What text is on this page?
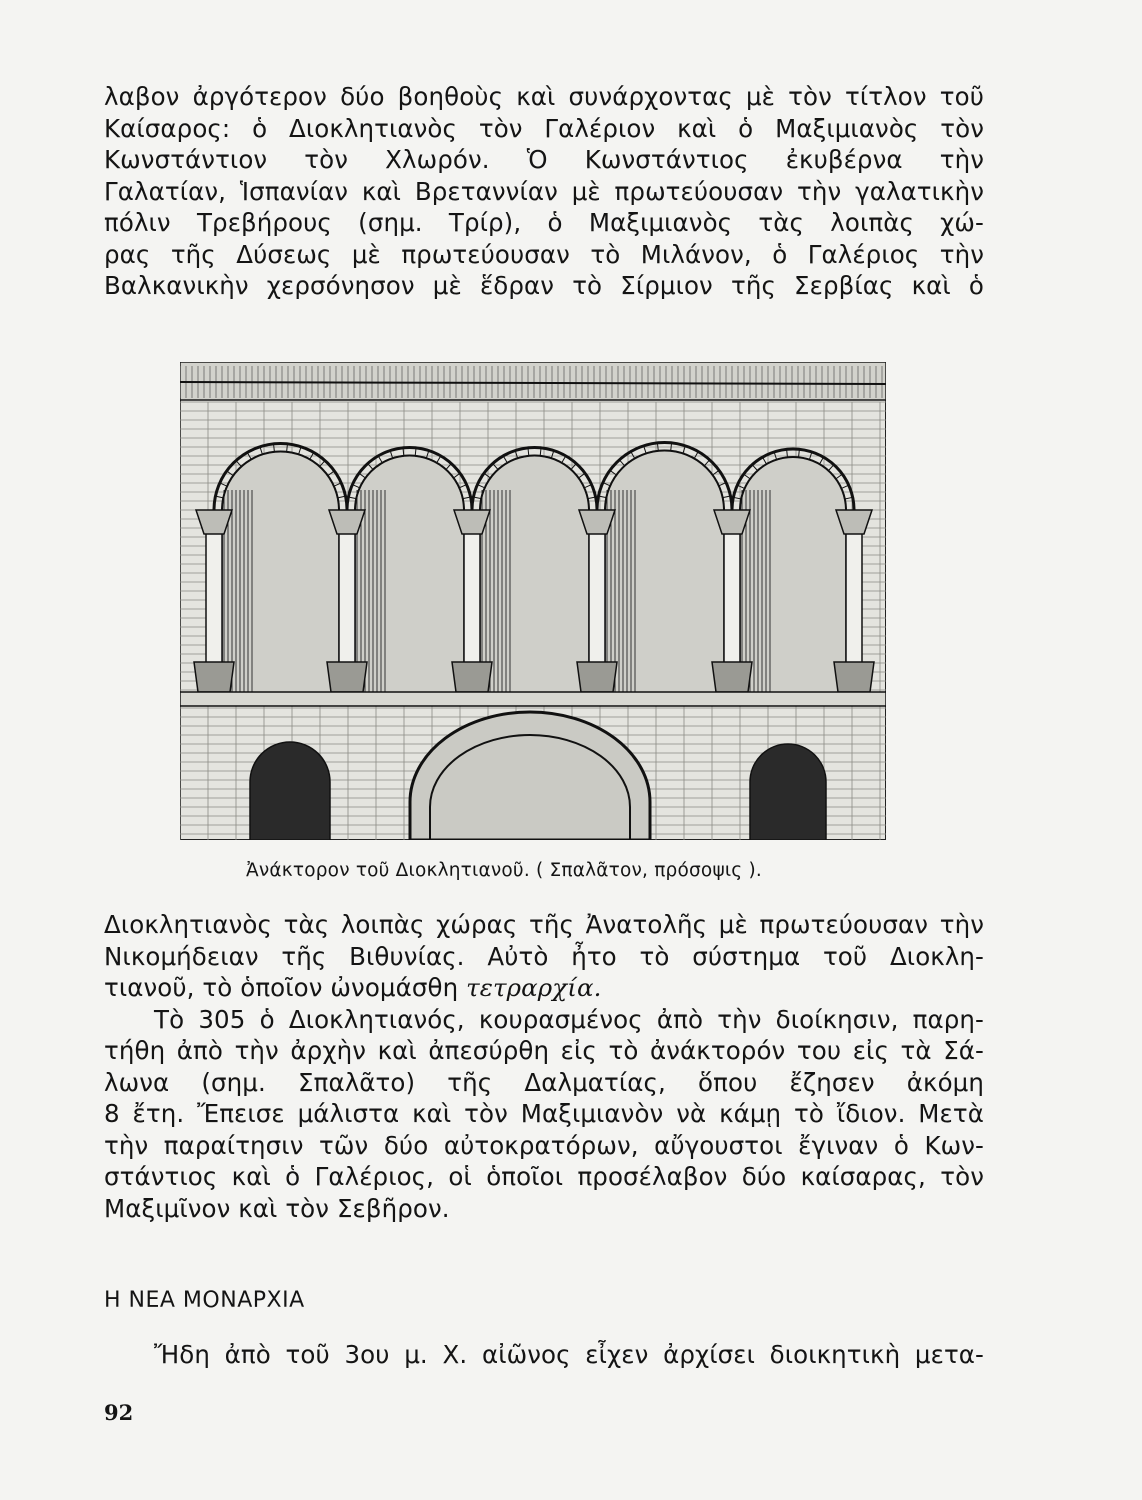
λαβον ἀργότερον δύο βοηθοὺς καὶ συνάρχοντας μὲ τὸν τίτλον τοῦ
Καίσαρος: ὁ Διοκλητιανὸς τὸν Γαλέριον καὶ ὁ Μαξιμιανὸς τὸν
Κωνστάντιον τὸν Χλωρόν. Ὁ Κωνστάντιος ἐκυβέρνα τὴν
Γαλατίαν, Ἱσπανίαν καὶ Βρεταννίαν μὲ πρωτεύουσαν τὴν γαλατικὴν
πόλιν Τρεβήρους (σημ. Τρίρ), ὁ Μαξιμιανὸς τὰς λοιπὰς χώ-
ρας τῆς Δύσεως μὲ πρωτεύουσαν τὸ Μιλάνον, ὁ Γαλέριος τὴν
Βαλκανικὴν χερσόνησον μὲ ἕδραν τὸ Σίρμιον τῆς Σερβίας καὶ ὁ
Ἀνάκτορον τοῦ Διοκλητιανοῦ. ( Σπαλᾶτον, πρόσοψις ).
Διοκλητιανὸς τὰς λοιπὰς χώρας τῆς Ἀνατολῆς μὲ πρωτεύουσαν τὴν
Νικομήδειαν τῆς Βιθυνίας. Αὐτὸ ἦτο τὸ σύστημα τοῦ Διοκλη-
τιανοῦ, τὸ ὁποῖον ὠνομάσθη τετραρχία.
Τὸ 305 ὁ Διοκλητιανός, κουρασμένος ἀπὸ τὴν διοίκησιν, παρη-
τήθη ἀπὸ τὴν ἀρχὴν καὶ ἀπεσύρθη εἰς τὸ ἀνάκτορόν του εἰς τὰ Σά-
λωνα (σημ. Σπαλᾶτο) τῆς Δαλματίας, ὅπου ἔζησεν ἀκόμη
8 ἔτη. Ἔπεισε μάλιστα καὶ τὸν Μαξιμιανὸν νὰ κάμῃ τὸ ἴδιον. Μετὰ
τὴν παραίτησιν τῶν δύο αὐτοκρατόρων, αὔγουστοι ἔγιναν ὁ Κων-
στάντιος καὶ ὁ Γαλέριος, οἱ ὁποῖοι προσέλαβον δύο καίσαρας, τὸν
Μαξιμῖνον καὶ τὸν Σεβῆρον.
Η ΝΕΑ ΜΟΝΑΡΧΙΑ
Ἤδη ἀπὸ τοῦ 3ου μ. Χ. αἰῶνος εἶχεν ἀρχίσει διοικητικὴ μετα-
92
